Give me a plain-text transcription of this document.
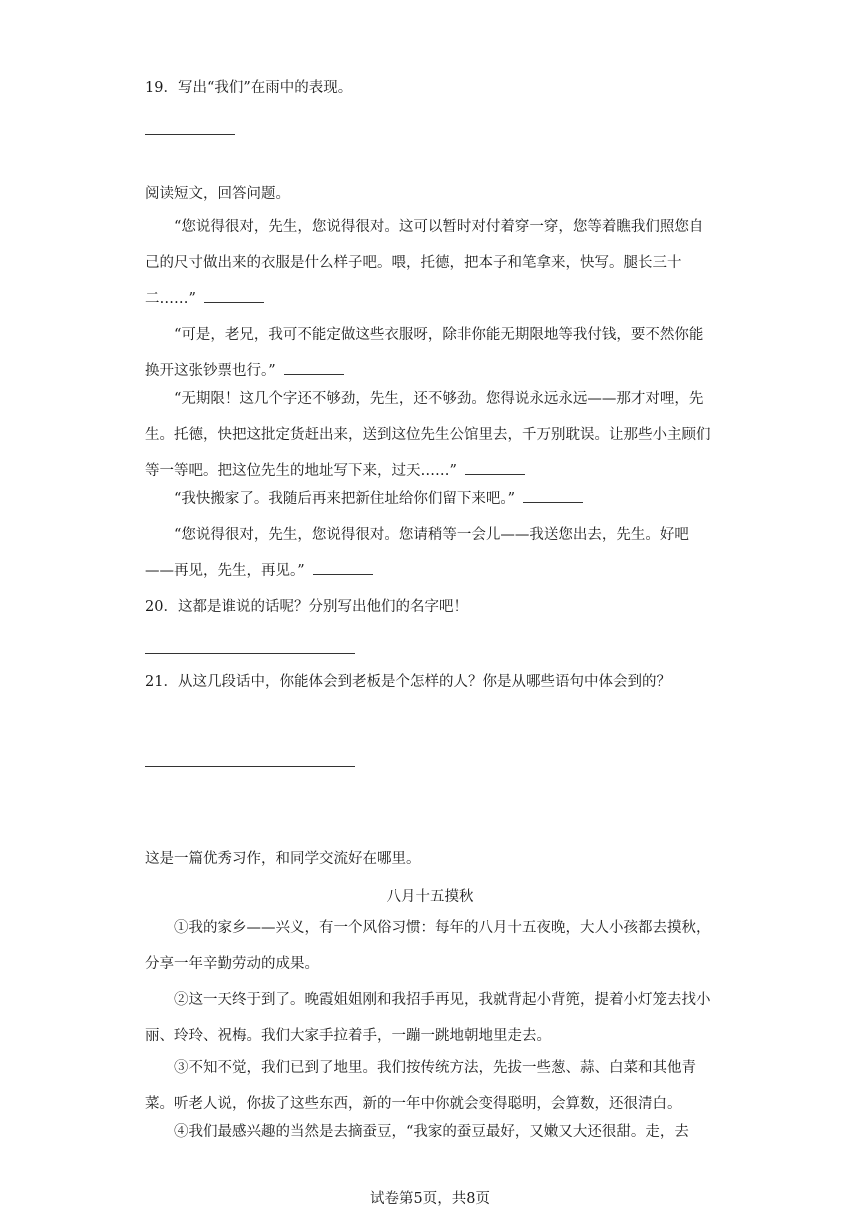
19．写出“我们”在雨中的表现。
阅读短文，回答问题。
“您说得很对，先生，您说得很对。这可以暂时对付着穿一穿，您等着瞧我们照您自己的尺寸做出来的衣服是什么样子吧。喂，托德，把本子和笔拿来，快写。腿长三十二……”
“可是，老兄，我可不能定做这些衣服呀，除非你能无期限地等我付钱，要不然你能换开这张钞票也行。”
“无期限！这几个字还不够劲，先生，还不够劲。您得说永远永远——那才对哩，先生。托德，快把这批定货赶出来，送到这位先生公馆里去，千万别耽误。让那些小主顾们等一等吧。把这位先生的地址写下来，过天……”
“我快搬家了。我随后再来把新住址给你们留下来吧。”
“您说得很对，先生，您说得很对。您请稍等一会儿——我送您出去，先生。好吧——再见，先生，再见。”
20．这都是谁说的话呢？分别写出他们的名字吧！
21．从这几段话中，你能体会到老板是个怎样的人？你是从哪些语句中体会到的？
这是一篇优秀习作，和同学交流好在哪里。
八月十五摸秋
①我的家乡——兴义，有一个风俗习惯：每年的八月十五夜晚，大人小孩都去摸秋，分享一年辛勤劳动的成果。
②这一天终于到了。晚霞姐姐刚和我招手再见，我就背起小背篼，提着小灯笼去找小丽、玲玲、祝梅。我们大家手拉着手，一蹦一跳地朝地里走去。
③不知不觉，我们已到了地里。我们按传统方法，先拔一些葱、蒜、白菜和其他青菜。听老人说，你拔了这些东西，新的一年中你就会变得聪明，会算数，还很清白。
④我们最感兴趣的当然是去摘蚕豆，“我家的蚕豆最好，又嫩又大还很甜。走，去
试卷第5页，共8页
